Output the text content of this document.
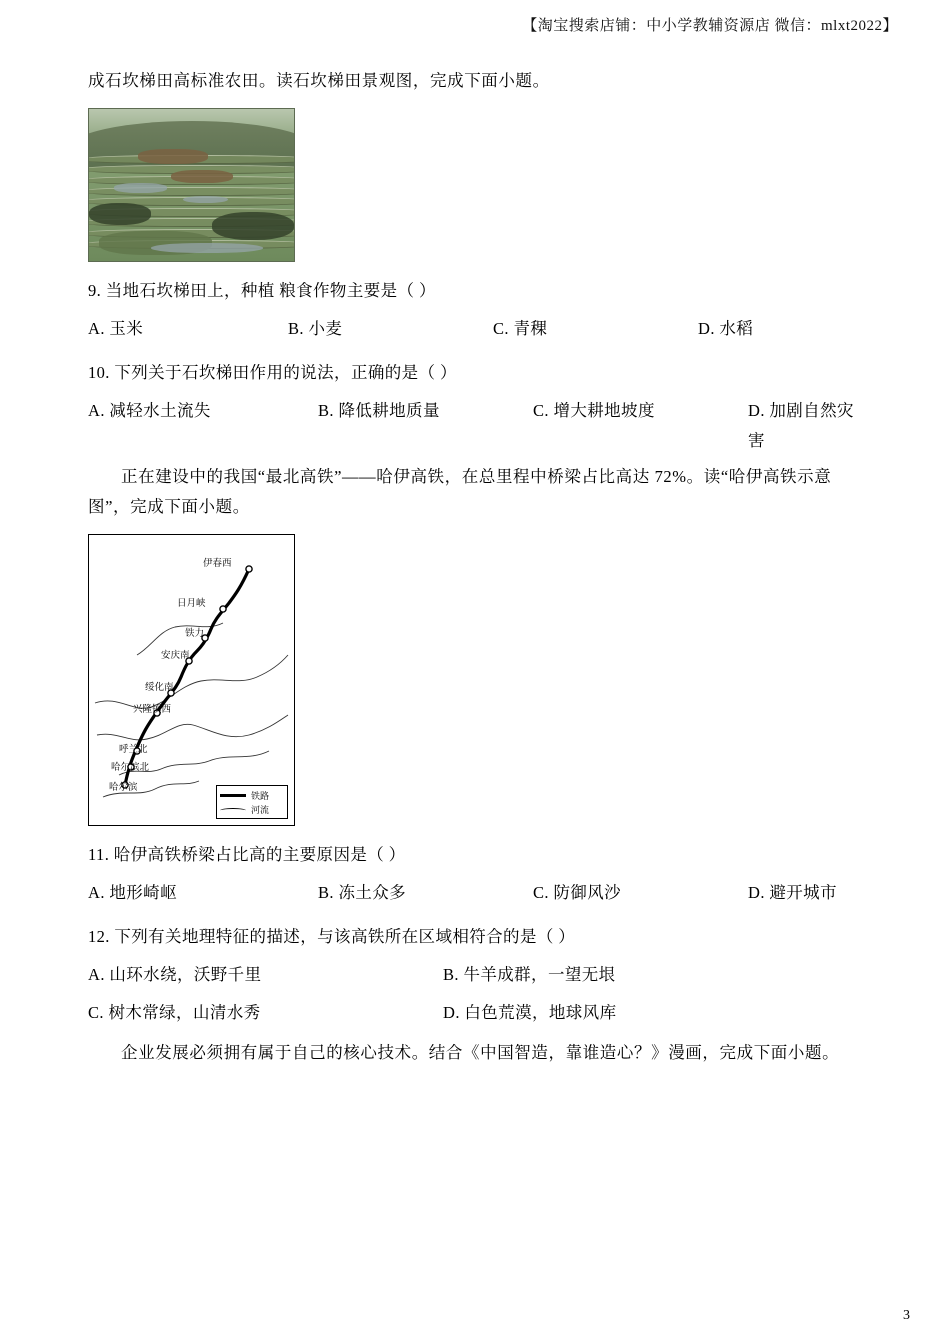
【淘宝搜索店铺：中小学教辅资源店 微信：mlxt2022】

成石坎梯田高标准农田。读石坎梯田景观图，完成下面小题。

9. 当地石坎梯田上，种植 粮食作物主要是（ ）

A. 玉米	B. 小麦	C. 青稞	D. 水稻

10. 下列关于石坎梯田作用的说法，正确的是（ ）

A. 减轻水土流失	B. 降低耕地质量	C. 增大耕地坡度	D. 加剧自然灾害

正在建设中的我国“最北高铁”——哈伊高铁，在总里程中桥梁占比高达 72%。读“哈伊高铁示意图”，完成下面小题。

伊春西
日月峡
铁力
安庆南
绥化南
兴隆镇西
呼兰北
哈尔滨北
哈尔滨
铁路
河流

11. 哈伊高铁桥梁占比高的主要原因是（ ）

A. 地形崎岖	B. 冻土众多	C. 防御风沙	D. 避开城市

12. 下列有关地理特征的描述，与该高铁所在区域相符合的是（ ）

A. 山环水绕，沃野千里	B. 牛羊成群，一望无垠
C. 树木常绿，山清水秀	D. 白色荒漠，地球风库

企业发展必须拥有属于自己的核心技术。结合《中国智造，靠谁造心？》漫画，完成下面小题。

3
